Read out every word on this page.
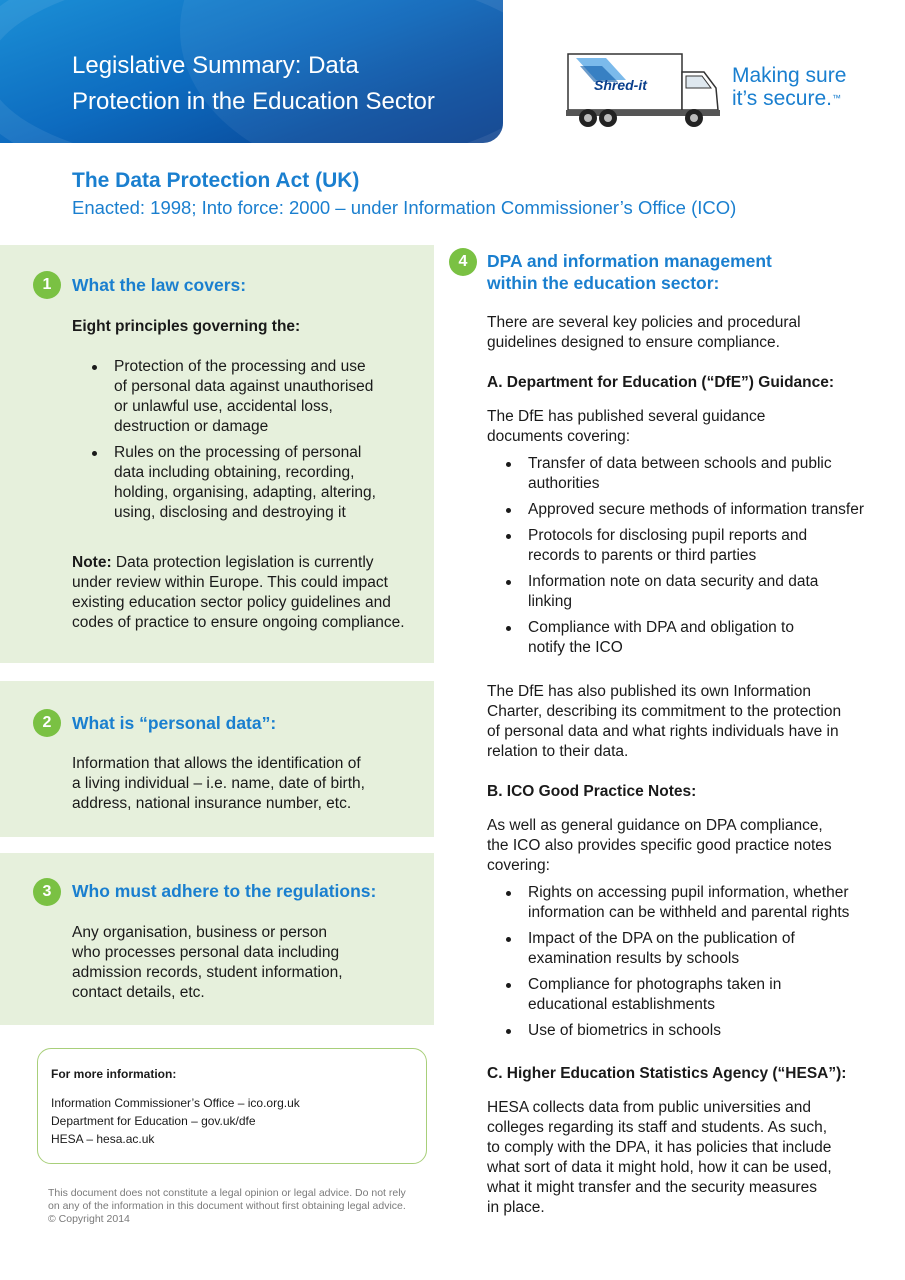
Legislative Summary: Data
Protection in the Education Sector
Shred-it	Making sure
it’s secure.™
The Data Protection Act (UK)
Enacted: 1998; Into force: 2000 – under Information Commissioner’s Office (ICO)
1	What the law covers:
Eight principles governing the:
Protection of the processing and use
of personal data against unauthorised
or unlawful use, accidental loss,
destruction or damage
Rules on the processing of personal
data including obtaining, recording,
holding, organising, adapting, altering,
using, disclosing and destroying it
Note: Data protection legislation is currently
under review within Europe. This could impact
existing education sector policy guidelines and
codes of practice to ensure ongoing compliance.
2	What is “personal data”:
Information that allows the identification of
a living individual – i.e. name, date of birth,
address, national insurance number, etc.
3	Who must adhere to the regulations:
Any organisation, business or person
who processes personal data including
admission records, student information,
contact details, etc.
For more information:
Information Commissioner’s Office – ico.org.uk
Department for Education – gov.uk/dfe
HESA – hesa.ac.uk
This document does not constitute a legal opinion or legal advice. Do not rely
on any of the information in this document without first obtaining legal advice.
© Copyright 2014
4	DPA and information management
within the education sector:
There are several key policies and procedural
guidelines designed to ensure compliance.
A. Department for Education (“DfE”) Guidance:
The DfE has published several guidance
documents covering:
Transfer of data between schools and public
authorities
Approved secure methods of information transfer
Protocols for disclosing pupil reports and
records to parents or third parties
Information note on data security and data
linking
Compliance with DPA and obligation to
notify the ICO
The DfE has also published its own Information
Charter, describing its commitment to the protection
of personal data and what rights individuals have in
relation to their data.
B. ICO Good Practice Notes:
As well as general guidance on DPA compliance,
the ICO also provides specific good practice notes
covering:
Rights on accessing pupil information, whether
information can be withheld and parental rights
Impact of the DPA on the publication of
examination results by schools
Compliance for photographs taken in
educational establishments
Use of biometrics in schools
C. Higher Education Statistics Agency (“HESA”):
HESA collects data from public universities and
colleges regarding its staff and students. As such,
to comply with the DPA, it has policies that include
what sort of data it might hold, how it can be used,
what it might transfer and the security measures
in place.
